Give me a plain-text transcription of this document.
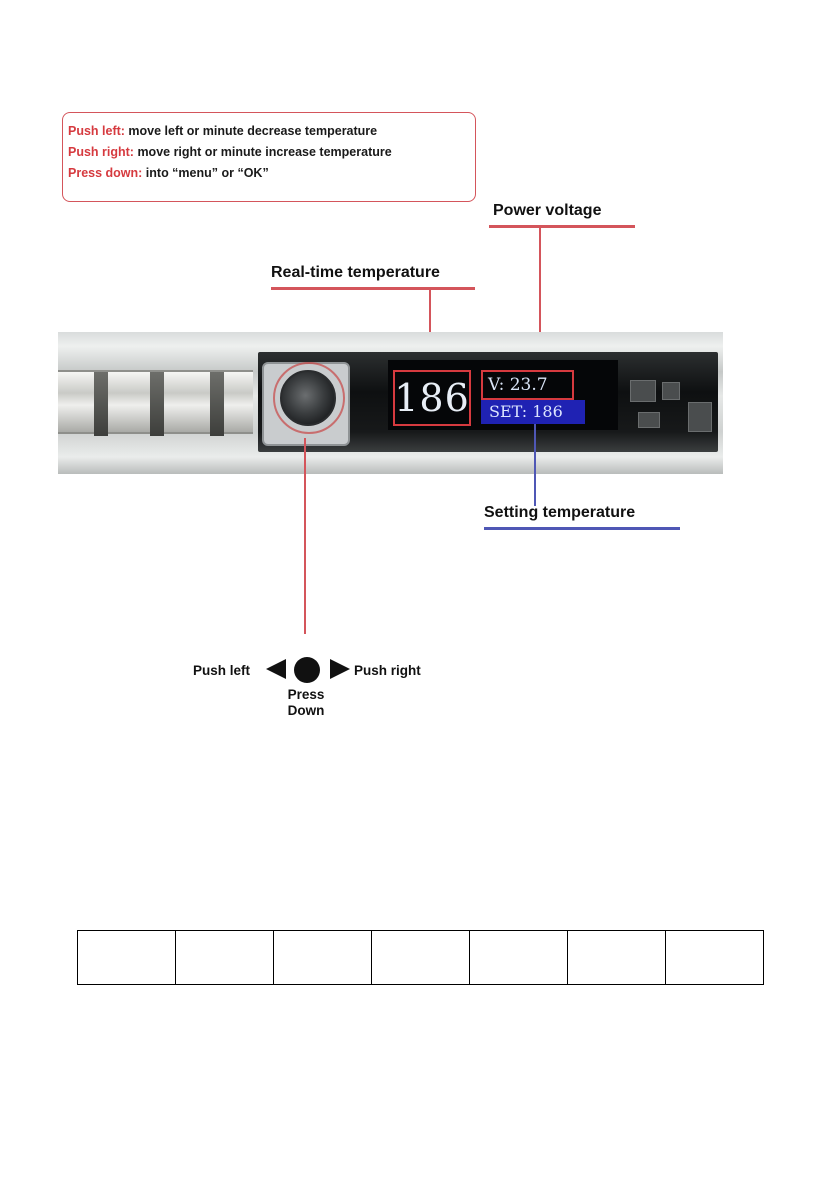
Push left: move left or minute decrease temperature
Push right: move right or minute increase temperature
Press down: into “menu” or “OK”
Power voltage
Real-time temperature
186	V: 23.7
SET: 186
Setting temperature
Push left	Push right
Press
Down
